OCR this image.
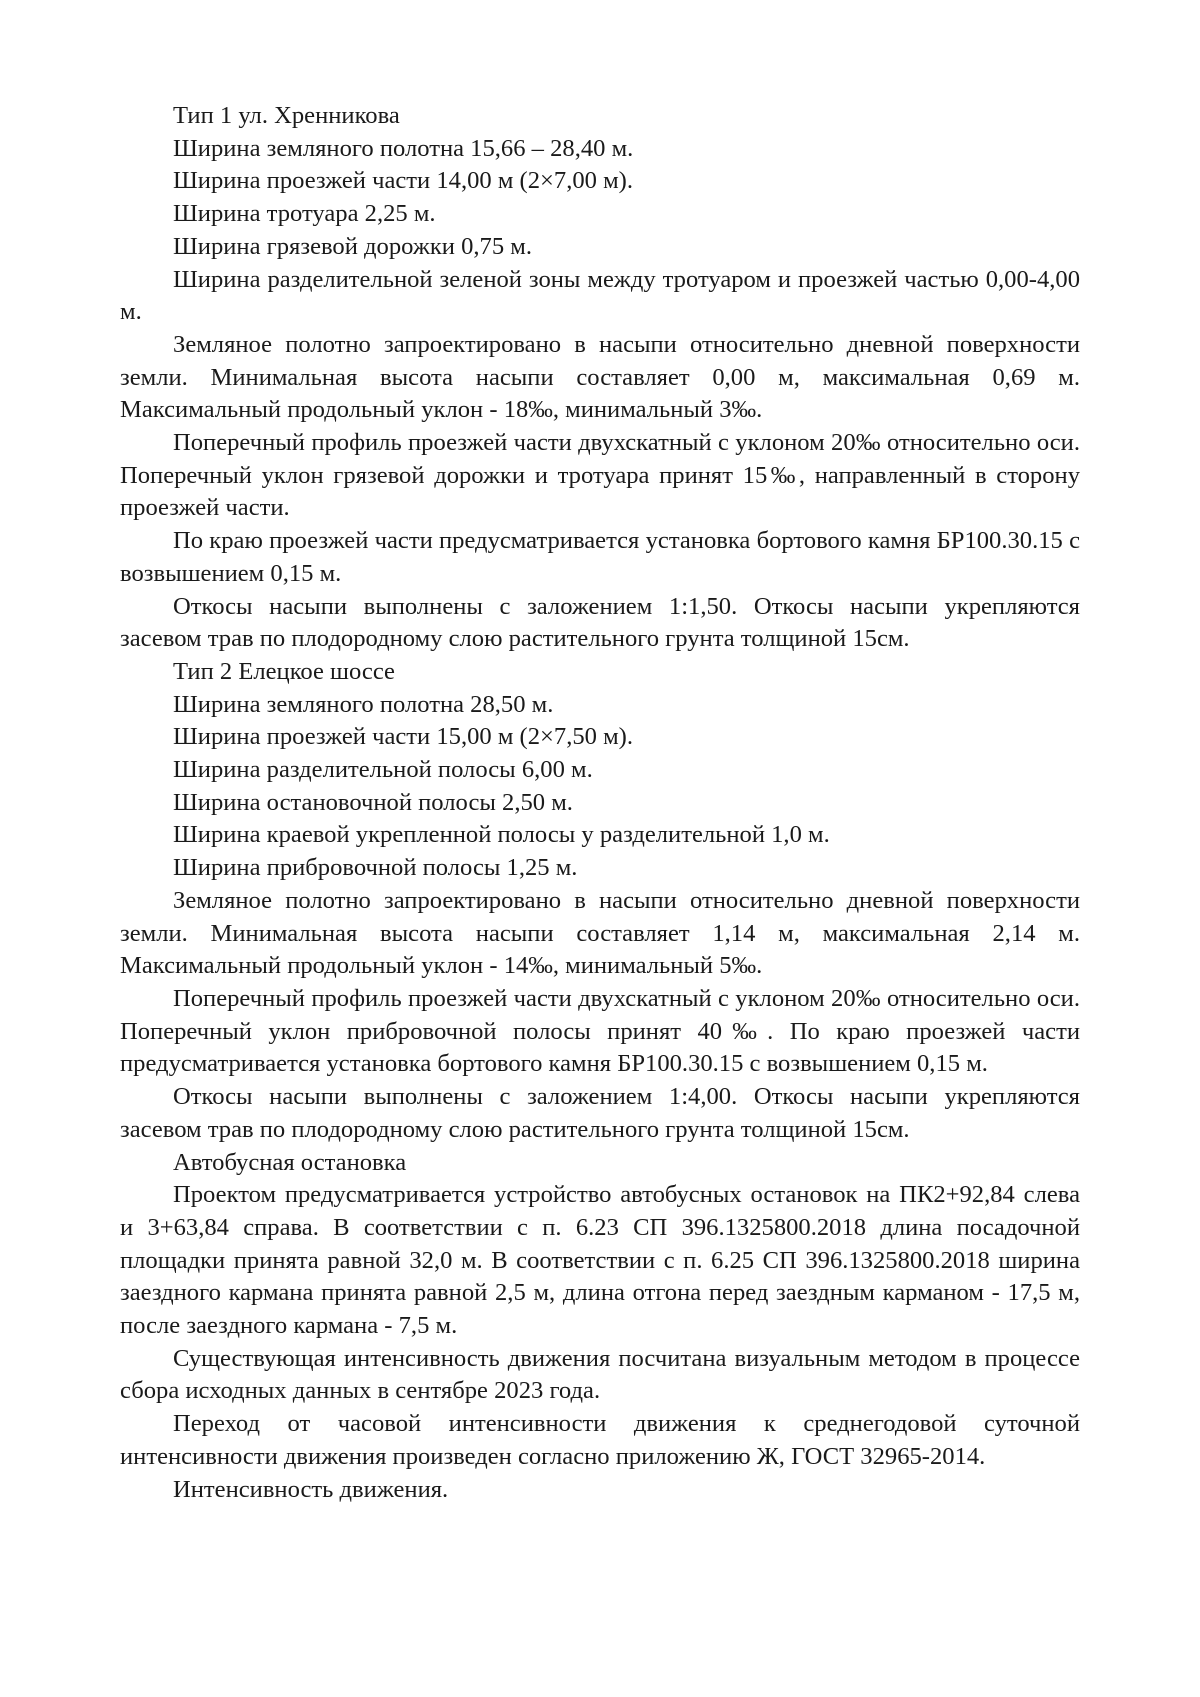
Тип 1 ул. Хренникова

Ширина земляного полотна 15,66 – 28,40 м.

Ширина проезжей части 14,00 м (2×7,00 м).

Ширина тротуара 2,25 м.

Ширина грязевой дорожки 0,75 м.

Ширина разделительной зеленой зоны между тротуаром и проезжей частью 0,00-4,00 м.

Земляное полотно запроектировано в насыпи относительно дневной поверхности земли. Минимальная высота насыпи составляет 0,00 м, максимальная 0,69 м. Максимальный продольный уклон - 18‰, минимальный 3‰.

Поперечный профиль проезжей части двухскатный с уклоном 20‰ относительно оси. Поперечный уклон грязевой дорожки и тротуара принят 15‰, направленный в сторону проезжей части.

По краю проезжей части предусматривается установка бортового камня БР100.30.15 с возвышением 0,15 м.

Откосы насыпи выполнены с заложением 1:1,50. Откосы насыпи укрепляются засевом трав по плодородному слою растительного грунта толщиной 15см.

Тип 2 Елецкое шоссе

Ширина земляного полотна 28,50 м.

Ширина проезжей части 15,00 м (2×7,50 м).

Ширина разделительной полосы 6,00 м.

Ширина остановочной полосы 2,50 м.

Ширина краевой укрепленной полосы у разделительной 1,0 м.

Ширина прибровочной полосы 1,25 м.

Земляное полотно запроектировано в насыпи относительно дневной поверхности земли. Минимальная высота насыпи составляет 1,14 м, максимальная 2,14 м. Максимальный продольный уклон - 14‰, минимальный 5‰.

Поперечный профиль проезжей части двухскатный с уклоном 20‰ относительно оси. Поперечный уклон прибровочной полосы принят 40‰. По краю проезжей части предусматривается установка бортового камня БР100.30.15 с возвышением 0,15 м.

Откосы насыпи выполнены с заложением 1:4,00. Откосы насыпи укрепляются засевом трав по плодородному слою растительного грунта толщиной 15см.

Автобусная остановка

Проектом предусматривается устройство автобусных остановок на ПК2+92,84 слева и 3+63,84 справа. В соответствии с п. 6.23 СП 396.1325800.2018 длина посадочной площадки принята равной 32,0 м. В соответствии с п. 6.25 СП 396.1325800.2018 ширина заездного кармана принята равной 2,5 м, длина отгона перед заездным карманом - 17,5 м, после заездного кармана - 7,5 м.

Существующая интенсивность движения посчитана визуальным методом в процессе сбора исходных данных в сентябре 2023 года.

Переход от часовой интенсивности движения к среднегодовой суточной интенсивности движения произведен согласно приложению Ж, ГОСТ 32965-2014.

Интенсивность движения.
